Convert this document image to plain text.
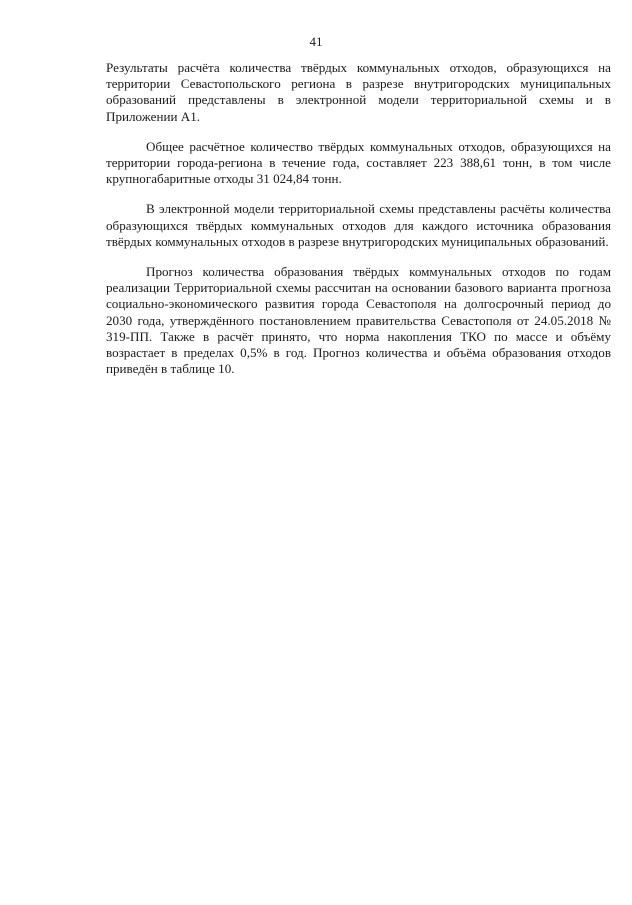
41

Результаты расчёта количества твёрдых коммунальных отходов, образующихся на территории Севастопольского региона в разрезе внутригородских муниципальных образований представлены в электронной модели территориальной схемы и в Приложении А1.

Общее расчётное количество твёрдых коммунальных отходов, образующихся на территории города-региона в течение года, составляет 223 388,61 тонн, в том числе крупногабаритные отходы 31 024,84 тонн.

В электронной модели территориальной схемы представлены расчёты количества образующихся твёрдых коммунальных отходов для каждого источника образования твёрдых коммунальных отходов в разрезе внутригородских муниципальных образований.

Прогноз количества образования твёрдых коммунальных отходов по годам реализации Территориальной схемы рассчитан на основании базового варианта прогноза социально-экономического развития города Севастополя на долгосрочный период до 2030 года, утверждённого постановлением правительства Севастополя от 24.05.2018 № 319-ПП. Также в расчёт принято, что норма накопления ТКО по массе и объёму возрастает в пределах 0,5% в год. Прогноз количества и объёма образования отходов приведён в таблице 10.
